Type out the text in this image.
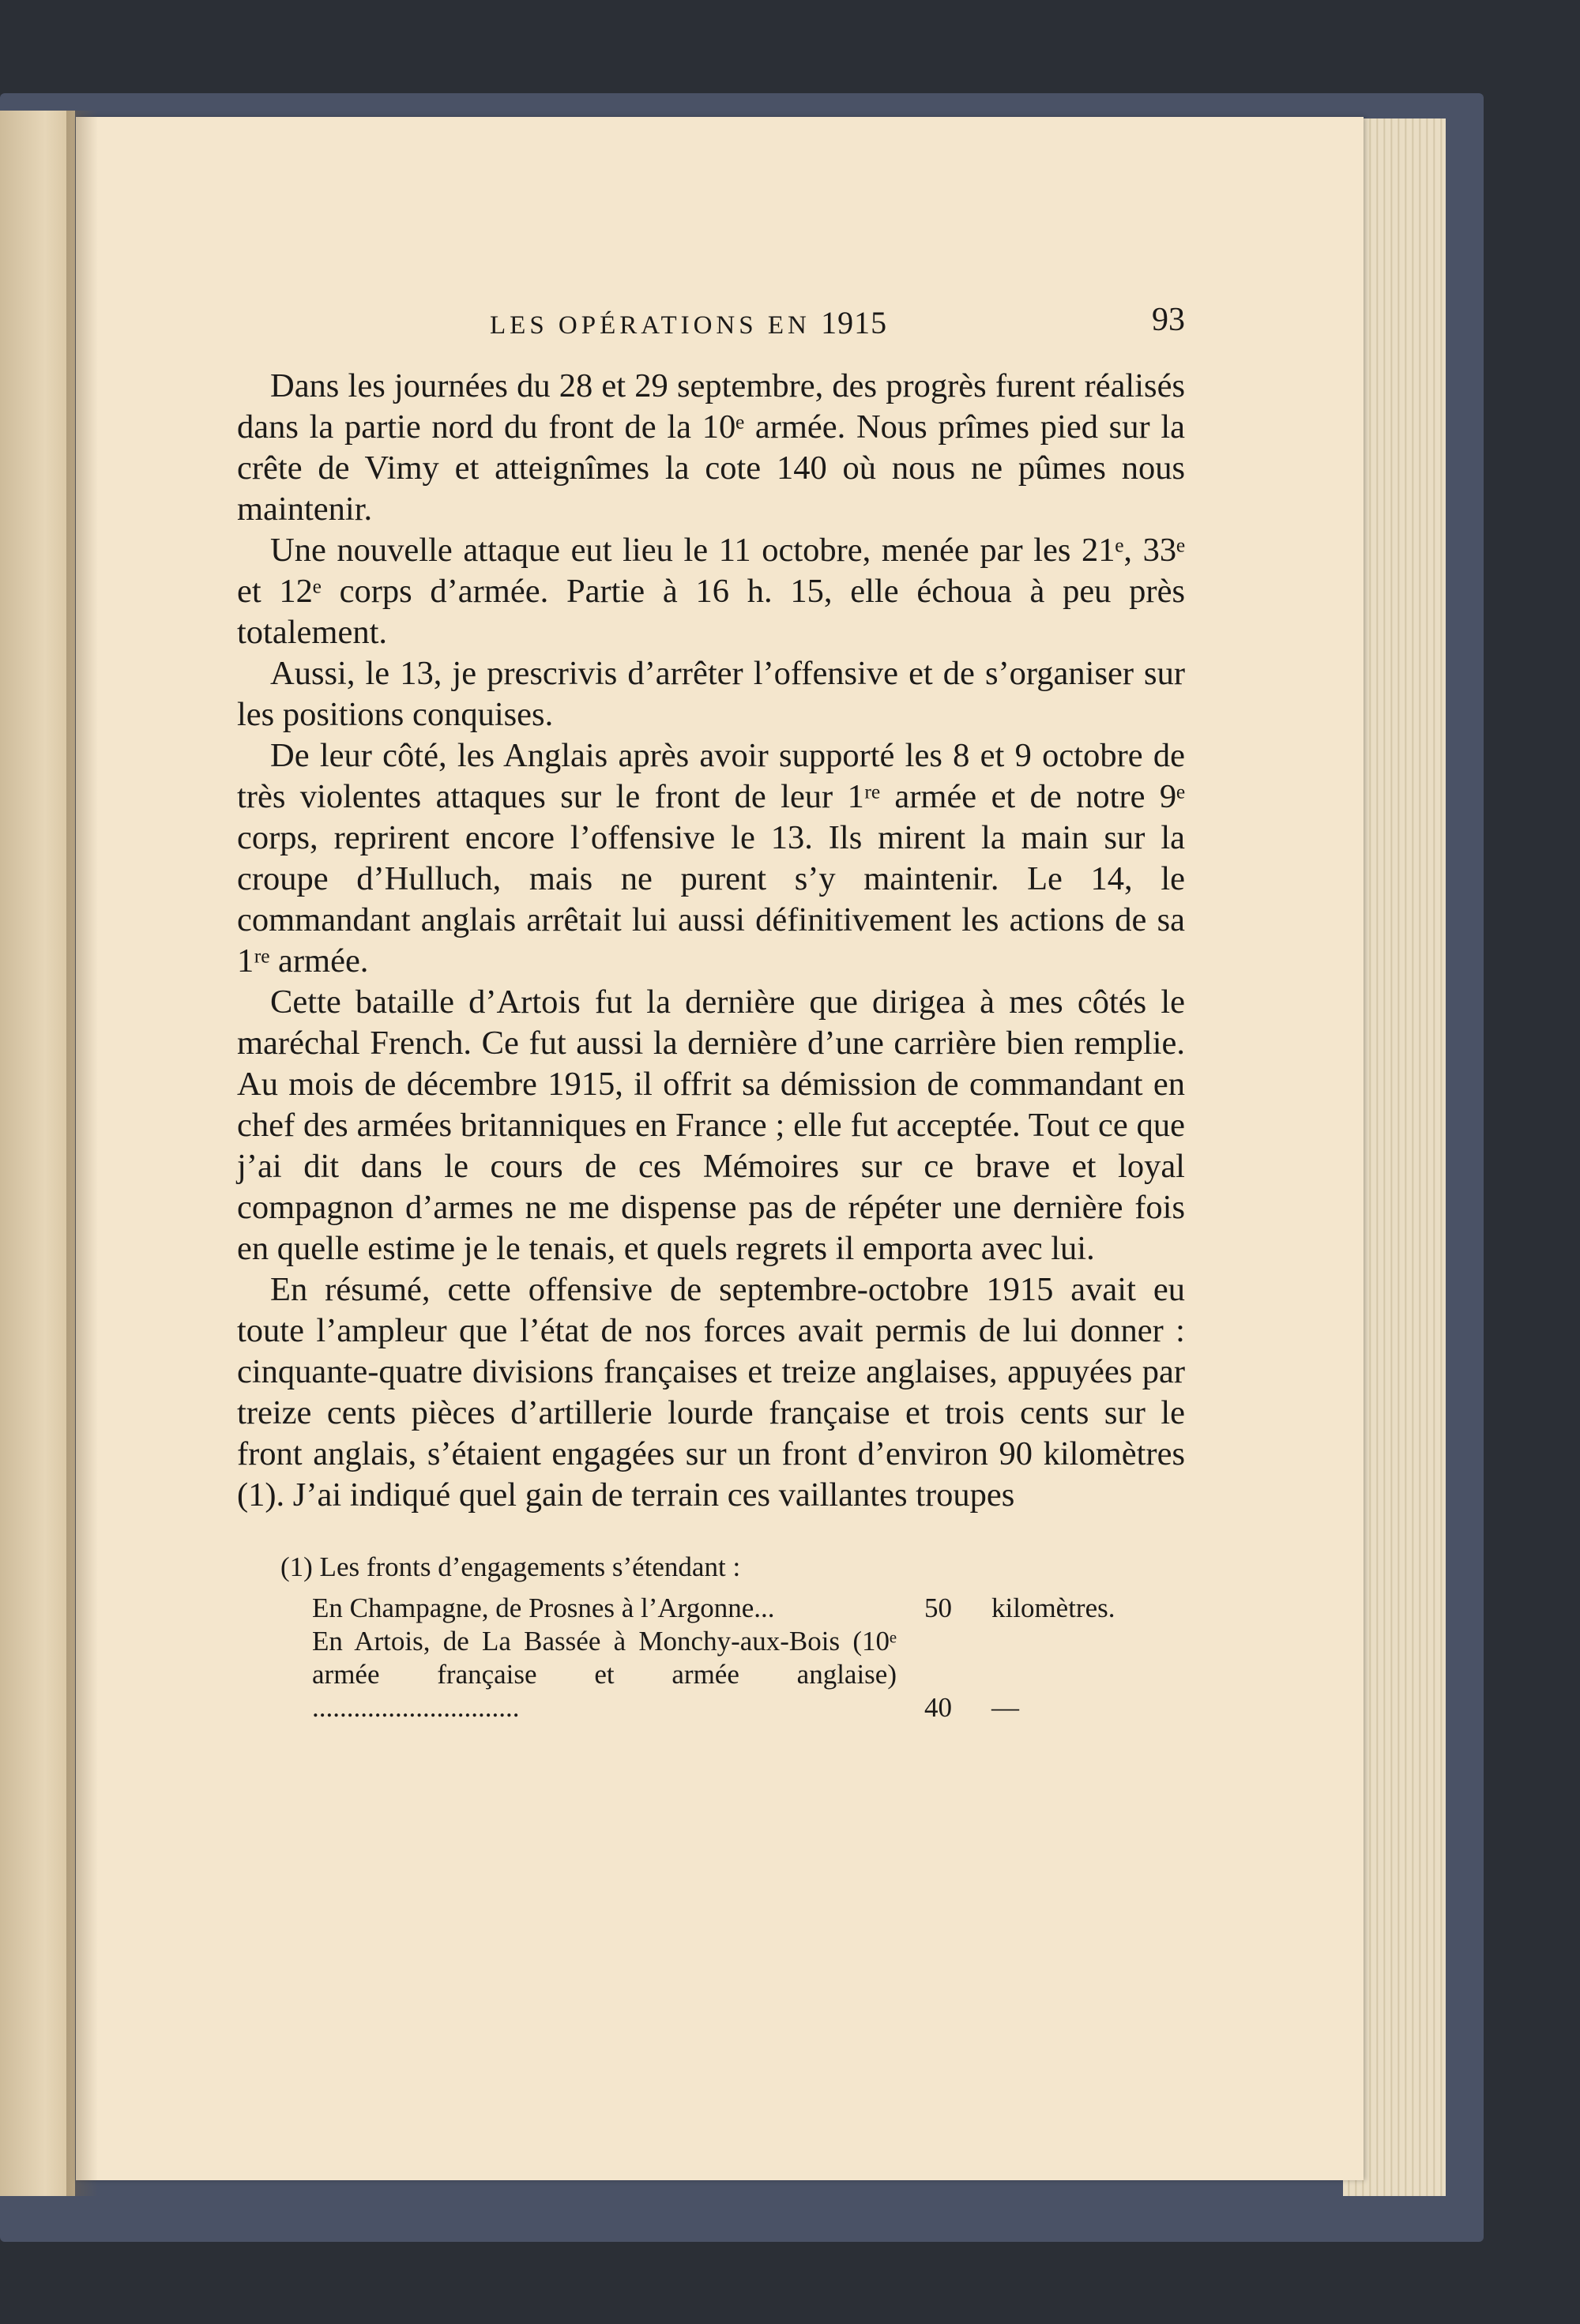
LES OPÉRATIONS EN 1915	93

Dans les journées du 28 et 29 septembre, des progrès furent réalisés dans la partie nord du front de la 10ᵉ armée. Nous prîmes pied sur la crête de Vimy et atteignîmes la cote 140 où nous ne pûmes nous maintenir.

Une nouvelle attaque eut lieu le 11 octobre, menée par les 21ᵉ, 33ᵉ et 12ᵉ corps d’armée. Partie à 16 h. 15, elle échoua à peu près totalement.

Aussi, le 13, je prescrivis d’arrêter l’offensive et de s’organiser sur les positions conquises.

De leur côté, les Anglais après avoir supporté les 8 et 9 octobre de très violentes attaques sur le front de leur 1ʳᵉ armée et de notre 9ᵉ corps, reprirent encore l’offensive le 13. Ils mirent la main sur la croupe d’Hulluch, mais ne purent s’y maintenir. Le 14, le commandant anglais arrêtait lui aussi définitivement les actions de sa 1ʳᵉ armée.

Cette bataille d’Artois fut la dernière que dirigea à mes côtés le maréchal French. Ce fut aussi la dernière d’une carrière bien remplie. Au mois de décembre 1915, il offrit sa démission de commandant en chef des armées britanniques en France ; elle fut acceptée. Tout ce que j’ai dit dans le cours de ces Mémoires sur ce brave et loyal compagnon d’armes ne me dispense pas de répéter une dernière fois en quelle estime je le tenais, et quels regrets il emporta avec lui.

En résumé, cette offensive de septembre-octobre 1915 avait eu toute l’ampleur que l’état de nos forces avait permis de lui donner : cinquante-quatre divisions françaises et treize anglaises, appuyées par treize cents pièces d’artillerie lourde française et trois cents sur le front anglais, s’étaient engagées sur un front d’environ 90 kilomètres (1). J’ai indiqué quel gain de terrain ces vaillantes troupes

(1) Les fronts d’engagements s’étendant :
En Champagne, de Prosnes à l’Argonne...	50 kilomètres.
En Artois, de La Bassée à Monchy-aux-Bois (10ᵉ armée française et armée anglaise) ..............................	40 —
